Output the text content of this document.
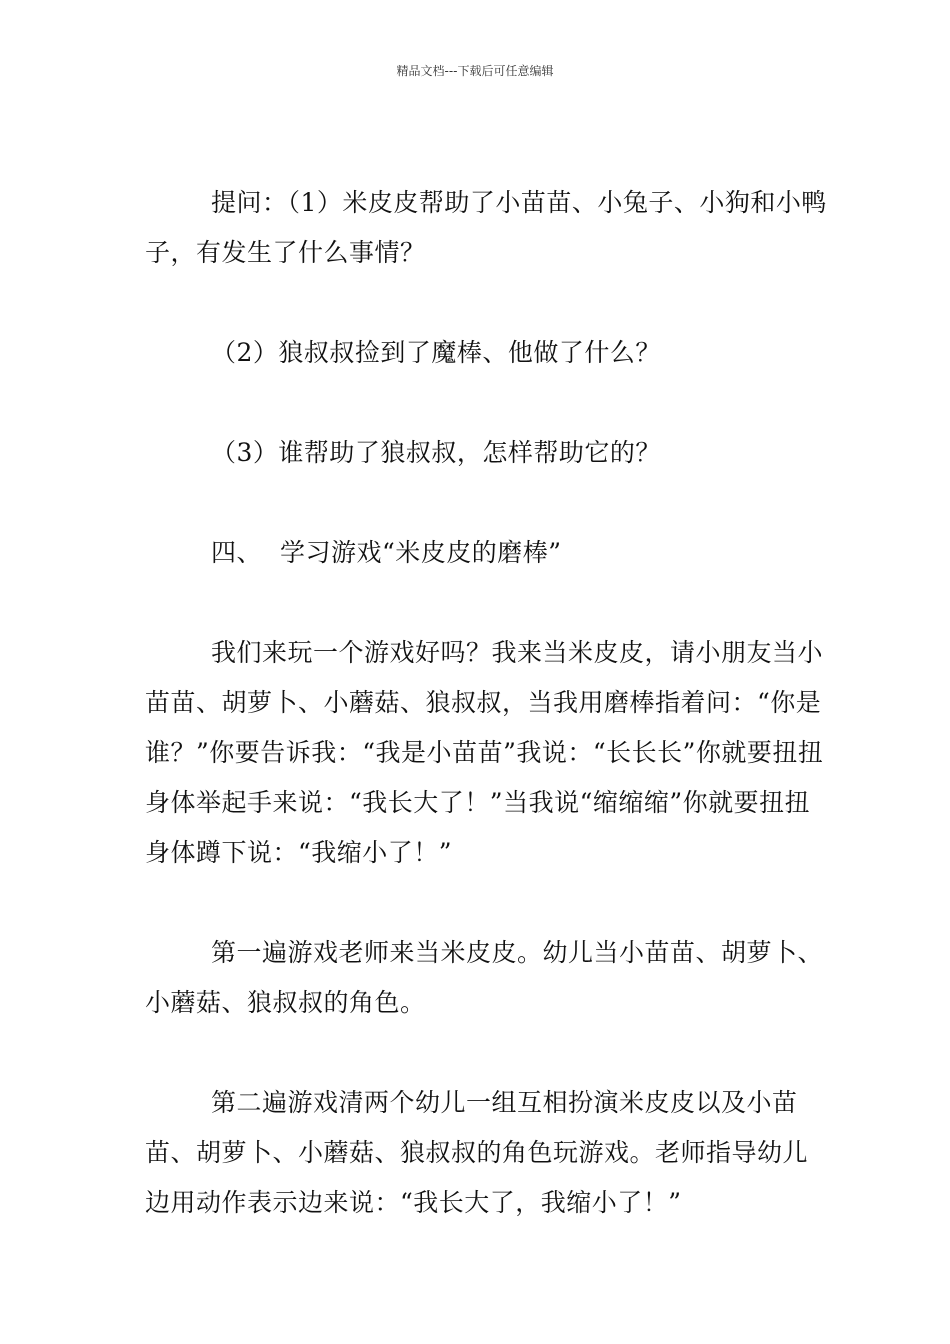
精品文档---下载后可任意编辑

提问：（1）米皮皮帮助了小苗苗、小兔子、小狗和小鸭子，有发生了什么事情？

（2）狼叔叔捡到了魔棒、他做了什么？

（3）谁帮助了狼叔叔，怎样帮助它的？

四、 学习游戏“米皮皮的磨棒”

我们来玩一个游戏好吗？我来当米皮皮，请小朋友当小苗苗、胡萝卜、小蘑菇、狼叔叔，当我用磨棒指着问：“你是谁？”你要告诉我：“我是小苗苗”我说：“长长长”你就要扭扭身体举起手来说：“我长大了！”当我说“缩缩缩”你就要扭扭身体蹲下说：“我缩小了！”

第一遍游戏老师来当米皮皮。幼儿当小苗苗、胡萝卜、小蘑菇、狼叔叔的角色。

第二遍游戏清两个幼儿一组互相扮演米皮皮以及小苗苗、胡萝卜、小蘑菇、狼叔叔的角色玩游戏。老师指导幼儿边用动作表示边来说：“我长大了，我缩小了！”
